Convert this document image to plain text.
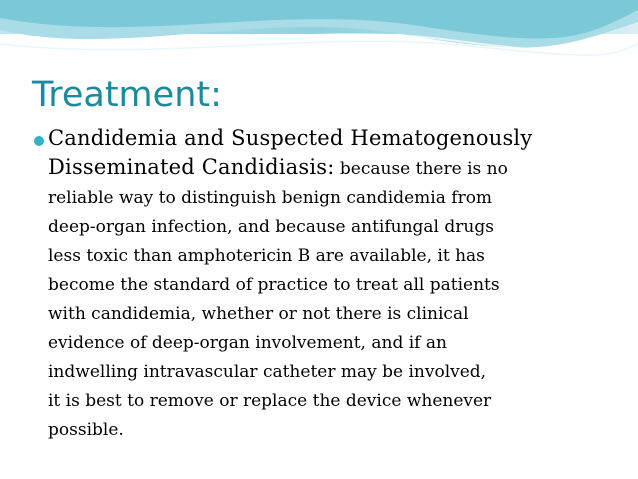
Treatment:
Candidemia and Suspected Hematogenously
Disseminated Candidiasis: because there is no
reliable way to distinguish benign candidemia from
deep-organ infection, and because antifungal drugs
less toxic than amphotericin B are available, it has
become the standard of practice to treat all patients
with candidemia, whether or not there is clinical
evidence of deep-organ involvement, and if an
indwelling intravascular catheter may be involved,
it is best to remove or replace the device whenever
possible.
